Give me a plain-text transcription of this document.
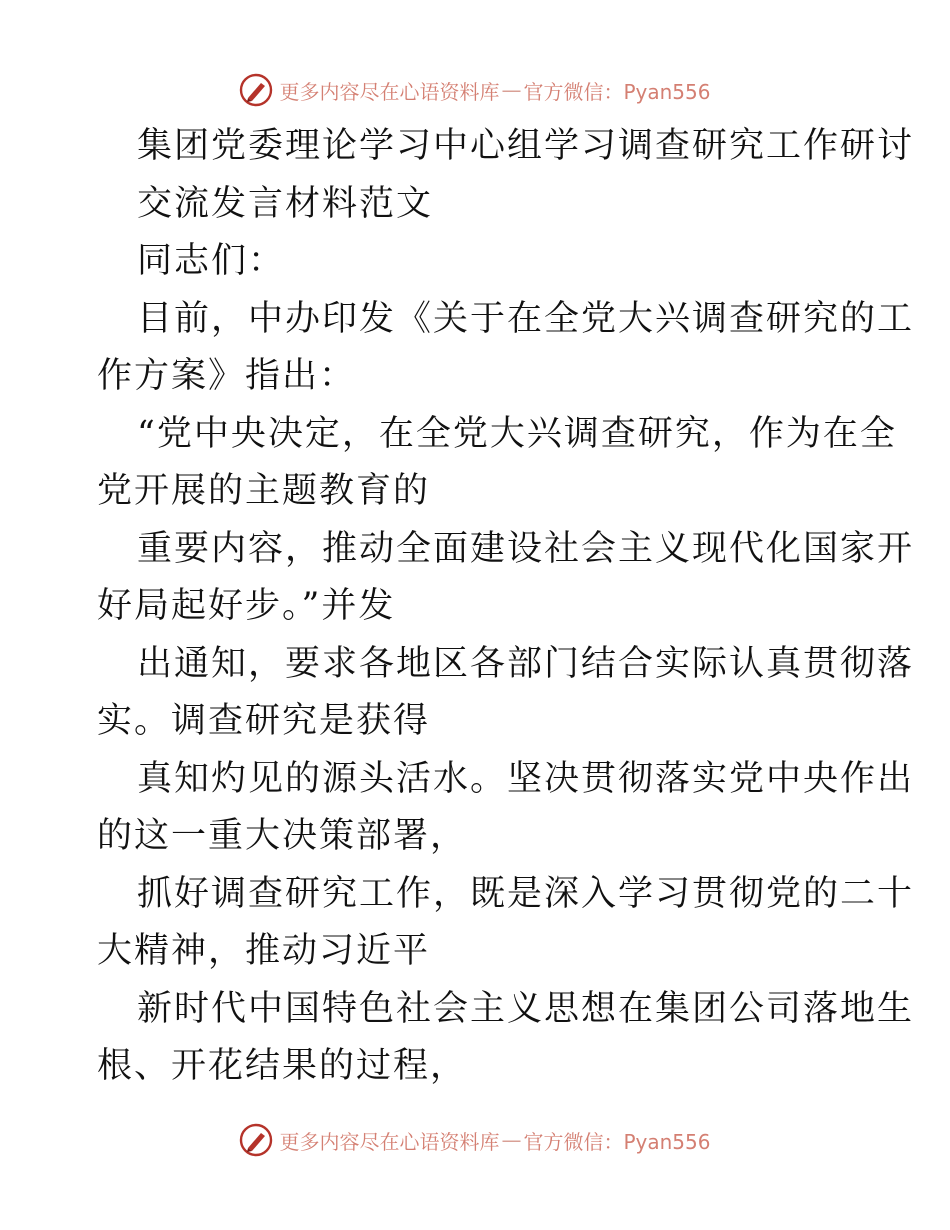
更多内容尽在心语资料库 — 官方微信：Pyan556
集团党委理论学习中心组学习调查研究工作研讨
交流发言材料范文
同志们：
目前，中办印发《关于在全党大兴调查研究的工
作方案》指出：
“党中央决定，在全党大兴调查研究，作为在全
党开展的主题教育的
重要内容，推动全面建设社会主义现代化国家开
好局起好步。”并发
出通知，要求各地区各部门结合实际认真贯彻落
实。调查研究是获得
真知灼见的源头活水。坚决贯彻落实党中央作出
的这一重大决策部署，
抓好调查研究工作，既是深入学习贯彻党的二十
大精神，推动习近平
新时代中国特色社会主义思想在集团公司落地生
根、开花结果的过程，
更多内容尽在心语资料库 — 官方微信：Pyan556
